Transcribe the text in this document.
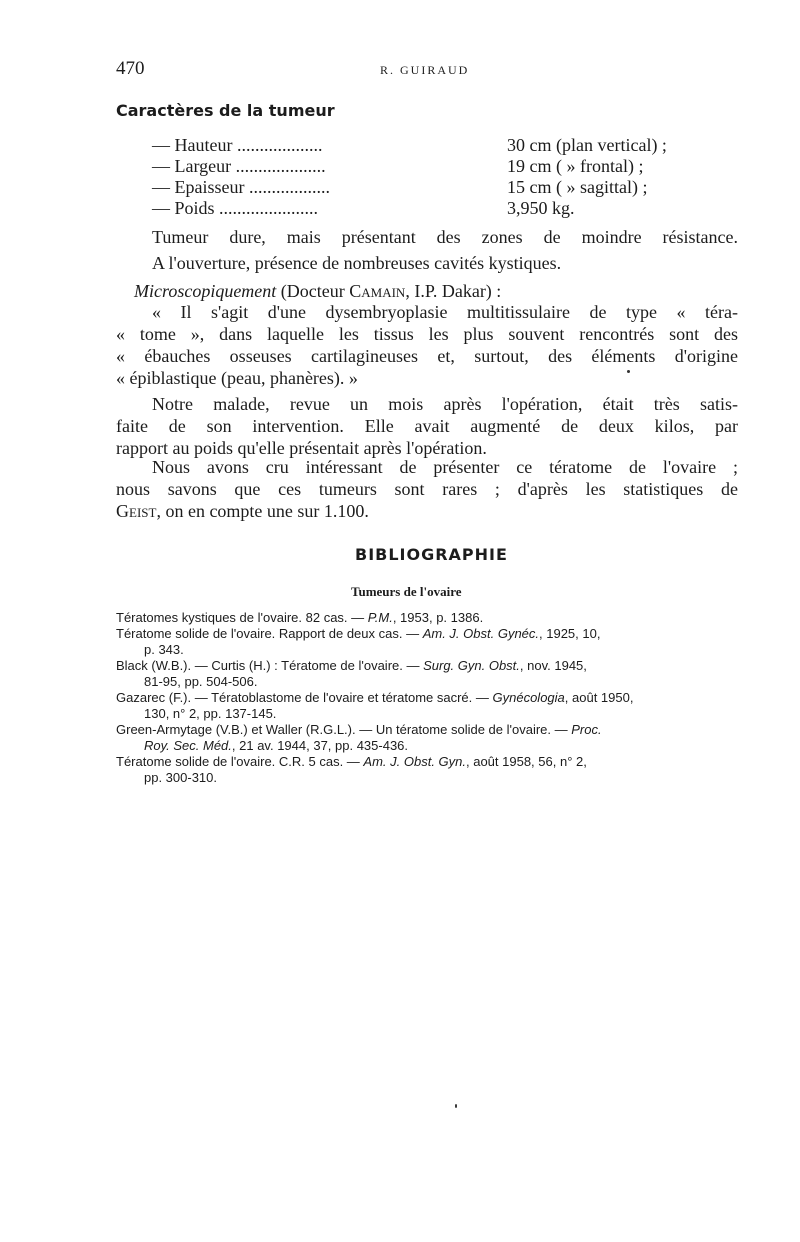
470	R. GUIRAUD
Caractères de la tumeur
— Hauteur ...................	30 cm (plan vertical) ;
— Largeur ....................	19 cm ( » frontal) ;
— Epaisseur ..................	15 cm ( » sagittal) ;
— Poids ......................	3,950 kg.
Tumeur dure, mais présentant des zones de moindre résistance.
A l'ouverture, présence de nombreuses cavités kystiques.
Microscopiquement (Docteur Camain, I.P. Dakar) :
« Il s'agit d'une dysembryoplasie multitissulaire de type « téra-
« tome », dans laquelle les tissus les plus souvent rencontrés sont des
« ébauches osseuses cartilagineuses et, surtout, des éléments d'origine
« épiblastique (peau, phanères). »
Notre malade, revue un mois après l'opération, était très satis-
faite de son intervention. Elle avait augmenté de deux kilos, par
rapport au poids qu'elle présentait après l'opération.
Nous avons cru intéressant de présenter ce tératome de l'ovaire ;
nous savons que ces tumeurs sont rares ; d'après les statistiques de
Geist, on en compte une sur 1.100.
BIBLIOGRAPHIE
Tumeurs de l'ovaire
Tératomes kystiques de l'ovaire. 82 cas. — P.M., 1953, p. 1386.
Tératome solide de l'ovaire. Rapport de deux cas. — Am. J. Obst. Gynéc., 1925, 10,
p. 343.
Black (W.B.). — Curtis (H.) : Tératome de l'ovaire. — Surg. Gyn. Obst., nov. 1945,
81-95, pp. 504-506.
Gazarec (F.). — Tératoblastome de l'ovaire et tératome sacré. — Gynécologia, août 1950,
130, n° 2, pp. 137-145.
Green-Armytage (V.B.) et Waller (R.G.L.). — Un tératome solide de l'ovaire. — Proc.
Roy. Sec. Méd., 21 av. 1944, 37, pp. 435-436.
Tératome solide de l'ovaire. C.R. 5 cas. — Am. J. Obst. Gyn., août 1958, 56, n° 2,
pp. 300-310.
